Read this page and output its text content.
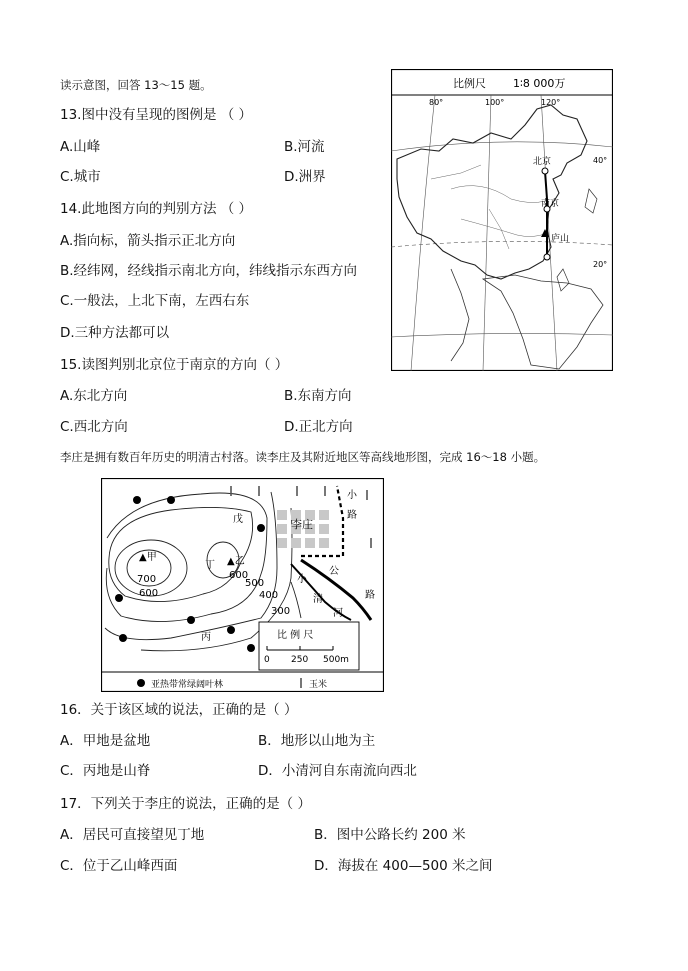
读示意图，回答 13～15 题。
13.图中没有呈现的图例是 （ ）
A.山峰	B.河流
C.城市	D.洲界
14.此地图方向的判别方法 （ ）
A.指向标，箭头指示正北方向
B.经纬网，经线指示南北方向，纬线指示东西方向
C.一般法，上北下南，左西右东
D.三种方法都可以
15.读图判别北京位于南京的方向（ ）
A.东北方向	B.东南方向
C.西北方向	D.正北方向
比例尺 1∶8 000万
80°	100°	120°
40°
20°
北京
南京
庐山
李庄是拥有数百年历史的明清古村落。读李庄及其附近地区等高线地形图，完成 16～18 小题。
李庄
▲甲	▲乙
戊
丁
丙
700
600
600
500
400
300
小
路
公
路
小
清
河
比 例 尺
0 250 500m
亚热带常绿阔叶林	玉米
16．关于该区域的说法，正确的是（ ）
A．甲地是盆地	B．地形以山地为主
C．丙地是山脊	D．小清河自东南流向西北
17．下列关于李庄的说法，正确的是（ ）
A．居民可直接望见丁地	B．图中公路长约 200 米
C．位于乙山峰西面	D．海拔在 400—500 米之间
